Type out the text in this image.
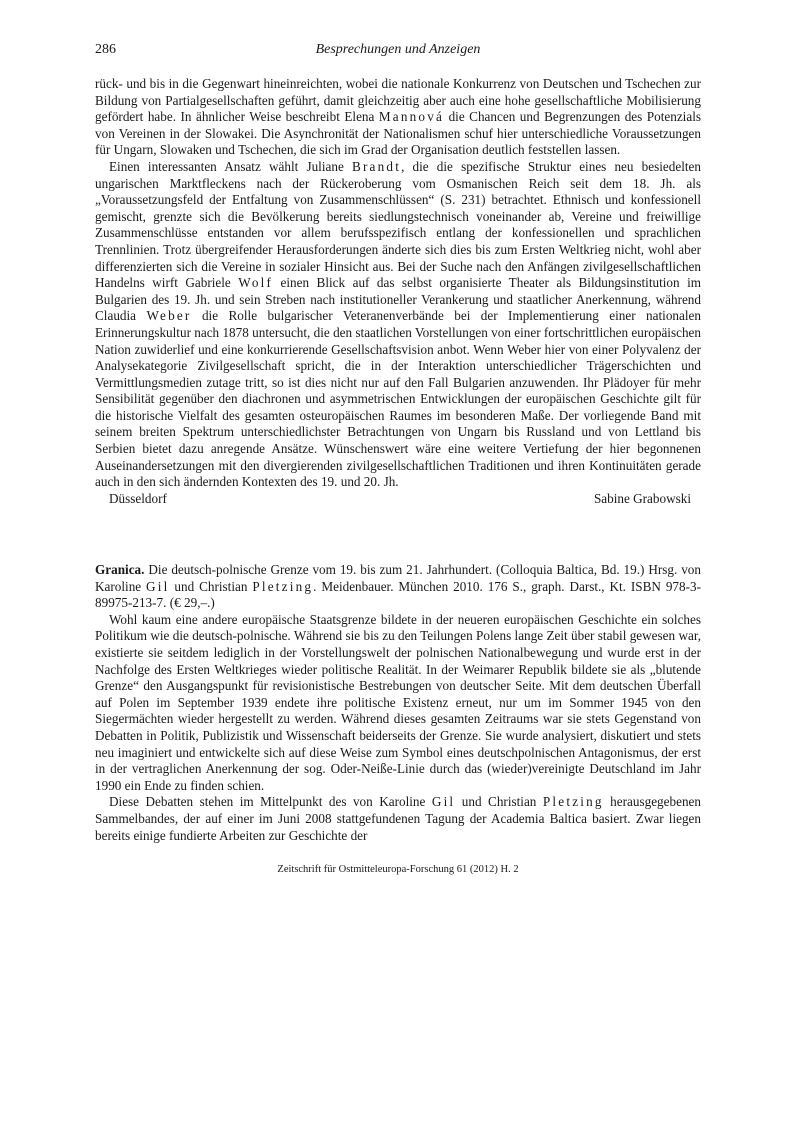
286	Besprechungen und Anzeigen

rück- und bis in die Gegenwart hineinreichten, wobei die nationale Konkurrenz von Deutschen und Tschechen zur Bildung von Partialgesellschaften geführt, damit gleichzeitig aber auch eine hohe gesellschaftliche Mobilisierung gefördert habe. In ähnlicher Weise beschreibt Elena Mannová die Chancen und Begrenzungen des Potenzials von Vereinen in der Slowakei. Die Asynchronität der Nationalismen schuf hier unterschiedliche Voraussetzungen für Ungarn, Slowaken und Tschechen, die sich im Grad der Organisation deutlich feststellen lassen.

Einen interessanten Ansatz wählt Juliane Brandt, die die spezifische Struktur eines neu besiedelten ungarischen Marktfleckens nach der Rückeroberung vom Osmanischen Reich seit dem 18. Jh. als „Voraussetzungsfeld der Entfaltung von Zusammenschlüssen“ (S. 231) betrachtet. Ethnisch und konfessionell gemischt, grenzte sich die Bevölkerung bereits siedlungstechnisch voneinander ab, Vereine und freiwillige Zusammenschlüsse entstanden vor allem berufsspezifisch entlang der konfessionellen und sprachlichen Trennlinien. Trotz übergreifender Herausforderungen änderte sich dies bis zum Ersten Weltkrieg nicht, wohl aber differenzierten sich die Vereine in sozialer Hinsicht aus. Bei der Suche nach den Anfängen zivilgesellschaftlichen Handelns wirft Gabriele Wolf einen Blick auf das selbst organisierte Theater als Bildungsinstitution im Bulgarien des 19. Jh. und sein Streben nach institutioneller Verankerung und staatlicher Anerkennung, während Claudia Weber die Rolle bulgarischer Veteranenverbände bei der Implementierung einer nationalen Erinnerungskultur nach 1878 untersucht, die den staatlichen Vorstellungen von einer fortschrittlichen europäischen Nation zuwiderlief und eine konkurrierende Gesellschaftsvision anbot. Wenn Weber hier von einer Polyvalenz der Analysekategorie Zivilgesellschaft spricht, die in der Interaktion unterschiedlicher Trägerschichten und Vermittlungsmedien zutage tritt, so ist dies nicht nur auf den Fall Bulgarien anzuwenden. Ihr Plädoyer für mehr Sensibilität gegenüber den diachronen und asymmetrischen Entwicklungen der europäischen Geschichte gilt für die historische Vielfalt des gesamten osteuropäischen Raumes im besonderen Maße. Der vorliegende Band mit seinem breiten Spektrum unterschiedlichster Betrachtungen von Ungarn bis Russland und von Lettland bis Serbien bietet dazu anregende Ansätze. Wünschenswert wäre eine weitere Vertiefung der hier begonnenen Auseinandersetzungen mit den divergierenden zivilgesellschaftlichen Traditionen und ihren Kontinuitäten gerade auch in den sich ändernden Kontexten des 19. und 20. Jh.

Düsseldorf	Sabine Grabowski

Granica. Die deutsch-polnische Grenze vom 19. bis zum 21. Jahrhundert. (Colloquia Baltica, Bd. 19.) Hrsg. von Karoline Gil und Christian Pletzing. Meidenbauer. München 2010. 176 S., graph. Darst., Kt. ISBN 978-3-89975-213-7. (€ 29,–.)

Wohl kaum eine andere europäische Staatsgrenze bildete in der neueren europäischen Geschichte ein solches Politikum wie die deutsch-polnische. Während sie bis zu den Teilungen Polens lange Zeit über stabil gewesen war, existierte sie seitdem lediglich in der Vorstellungswelt der polnischen Nationalbewegung und wurde erst in der Nachfolge des Ersten Weltkrieges wieder politische Realität. In der Weimarer Republik bildete sie als „blutende Grenze“ den Ausgangspunkt für revisionistische Bestrebungen von deutscher Seite. Mit dem deutschen Überfall auf Polen im September 1939 endete ihre politische Existenz erneut, nur um im Sommer 1945 von den Siegermächten wieder hergestellt zu werden. Während dieses gesamten Zeitraums war sie stets Gegenstand von Debatten in Politik, Publizistik und Wissenschaft beiderseits der Grenze. Sie wurde analysiert, diskutiert und stets neu imaginiert und entwickelte sich auf diese Weise zum Symbol eines deutschpolnischen Antagonismus, der erst in der vertraglichen Anerkennung der sog. Oder-Neiße-Linie durch das (wieder)vereinigte Deutschland im Jahr 1990 ein Ende zu finden schien.

Diese Debatten stehen im Mittelpunkt des von Karoline Gil und Christian Pletzing herausgegebenen Sammelbandes, der auf einer im Juni 2008 stattgefundenen Tagung der Academia Baltica basiert. Zwar liegen bereits einige fundierte Arbeiten zur Geschichte der

Zeitschrift für Ostmitteleuropa-Forschung 61 (2012) H. 2
